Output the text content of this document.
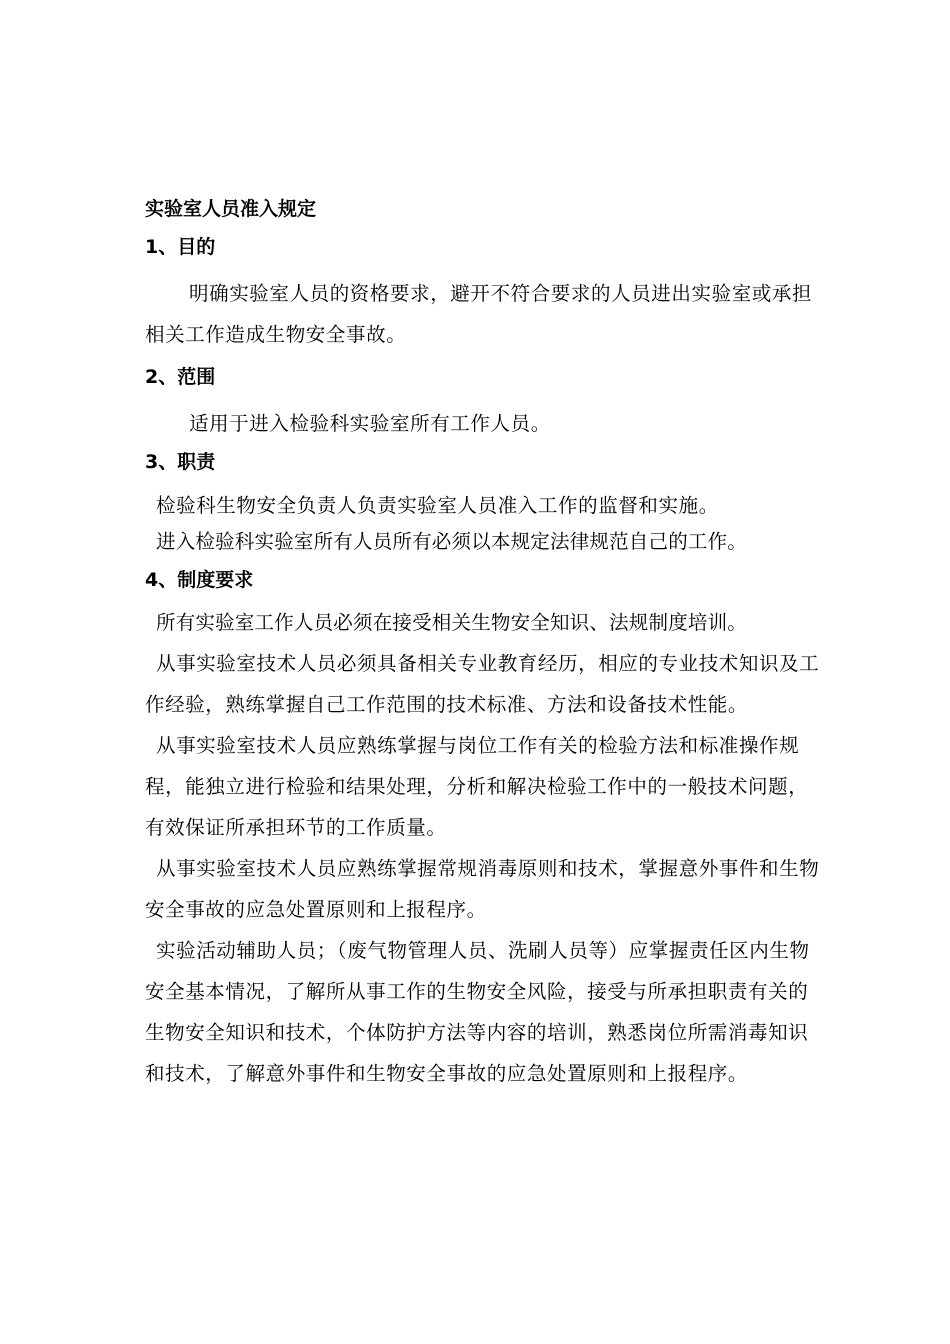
实验室人员准入规定
1、目的

明确实验室人员的资格要求，避开不符合要求的人员进出实验室或承担相关工作造成生物安全事故。

2、范围

适用于进入检验科实验室所有工作人员。

3、职责

检验科生物安全负责人负责实验室人员准入工作的监督和实施。

进入检验科实验室所有人员所有必须以本规定法律规范自己的工作。

4、制度要求

所有实验室工作人员必须在接受相关生物安全知识、法规制度培训。

从事实验室技术人员必须具备相关专业教育经历，相应的专业技术知识及工作经验，熟练掌握自己工作范围的技术标准、方法和设备技术性能。

从事实验室技术人员应熟练掌握与岗位工作有关的检验方法和标准操作规程，能独立进行检验和结果处理，分析和解决检验工作中的一般技术问题，有效保证所承担环节的工作质量。

从事实验室技术人员应熟练掌握常规消毒原则和技术，掌握意外事件和生物安全事故的应急处置原则和上报程序。

实验活动辅助人员；（废气物管理人员、洗刷人员等）应掌握责任区内生物安全基本情况，了解所从事工作的生物安全风险，接受与所承担职责有关的生物安全知识和技术，个体防护方法等内容的培训，熟悉岗位所需消毒知识和技术，了解意外事件和生物安全事故的应急处置原则和上报程序。
